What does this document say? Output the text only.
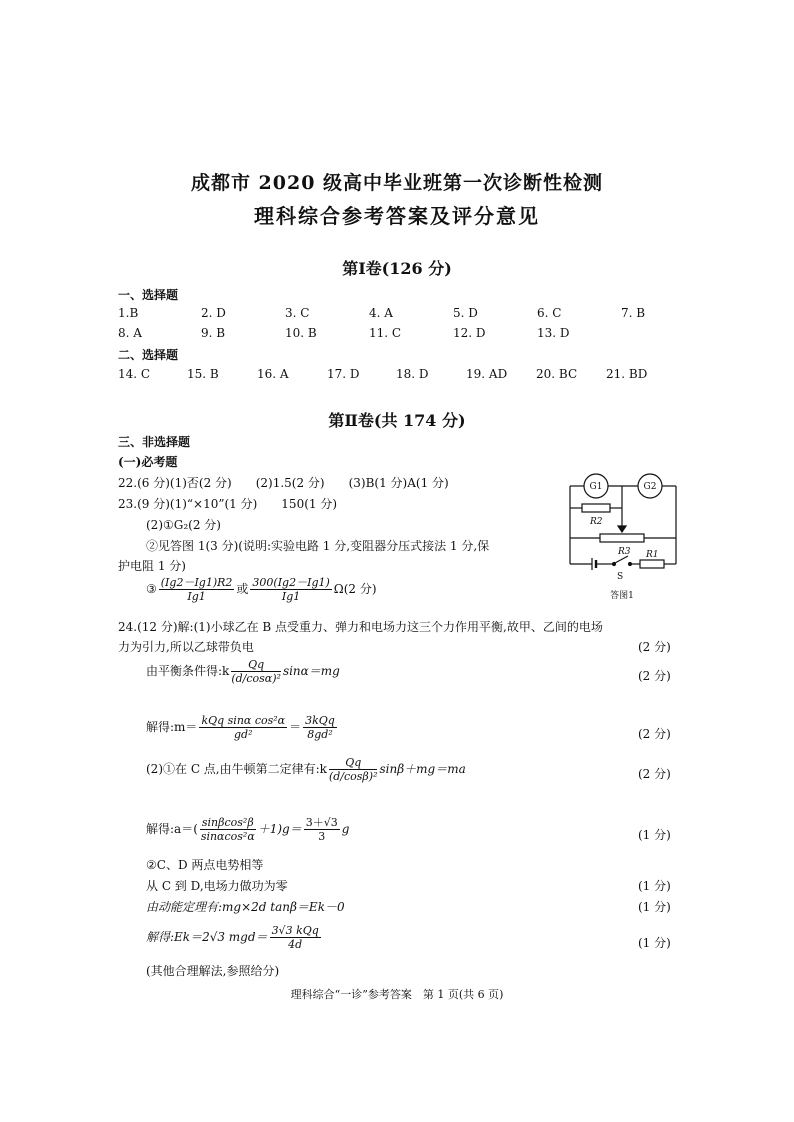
成都市 2020 级高中毕业班第一次诊断性检测
理科综合参考答案及评分意见
第Ⅰ卷(126 分)
一、选择题
1.B	2. D	3. C	4. A	5. D	6. C	7. B
8. A	9. B	10. B	11. C	12. D	13. D
二、选择题
14. C	15. B	16. A	17. D	18. D	19. AD 20. BC 21. BD
第Ⅱ卷(共 174 分)
三、非选择题
(一)必考题
22.(6 分)(1)否(2 分)　　(2)1.5(2 分)　　(3)B(1 分)A(1 分)
23.(9 分)(1)“×10”(1 分)　　150(1 分)
(2)①G₂(2 分)
②见答图 1(3 分)(说明:实验电路 1 分,变阻器分压式接法 1 分,保
护电阻 1 分)
③ $\frac{(Ig2-Ig1)R2}{Ig1}$ 或 $\frac{300(Ig2-Ig1)}{Ig1} \Omega(2$ 分)
24.(12 分)解:(1)小球乙在 B 点受重力、弹力和电场力这三个力作用平衡,故甲、乙间的电场
力为引力,所以乙球带负电	(2 分)
由平衡条件得:k $\frac{Qq}{\text{(d/cosα)²}} \sin\alpha=mg$	(2 分)
解得:m＝ $\frac{\text{kQq sinα cos²α}}{\text{gd²}} = \frac{\text{3kQq}}{\text{8gd²}}$	(2 分)
(2)①在 C 点,由牛顿第二定律有:k $\frac{Qq}{\text{(d/cosβ)²}} \sin\beta+mg=ma$	(2 分)
解得:a＝( $\frac{\text{sinβcos²β}}{\text{sinαcos²α}} +1)g= \frac{3+√3}{3}$ g	(1 分)
②C、D 两点电势相等
从 C 到 D,电场力做功为零	(1 分)
由动能定理有:mg×2d tanβ＝Ek－0	(1 分)
解得:Ek＝2√3 $mgd= \frac{\text{3√3 kQq}}{4d}$	(1 分)
(其他合理解法,参照给分)
理科综合“一诊”参考答案　第 1 页(共 6 页)
G1	G2
R2
R3 R1
S
答图1
